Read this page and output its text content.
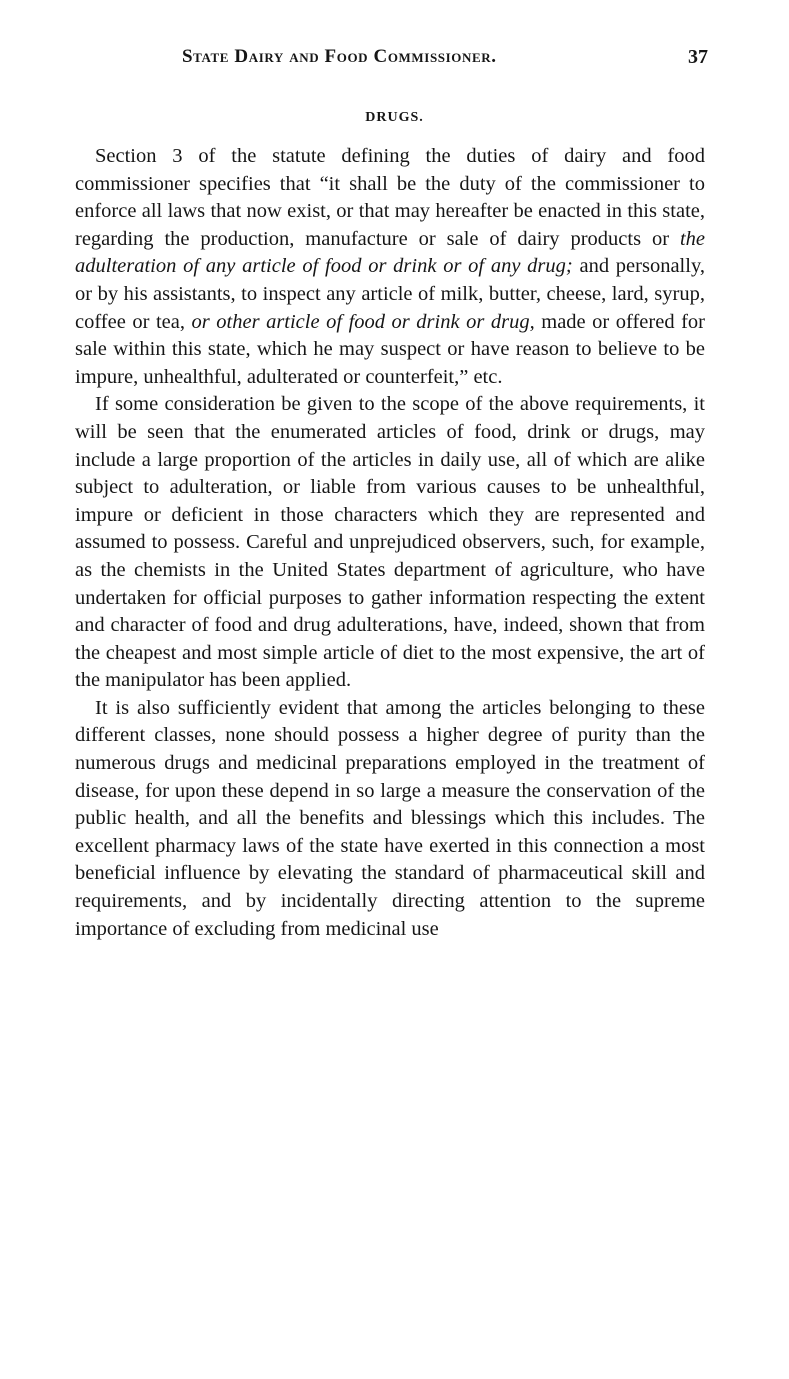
State Dairy and Food Commissioner.	37
DRUGS.

Section 3 of the statute defining the duties of dairy and food commissioner specifies that “it shall be the duty of the commissioner to enforce all laws that now exist, or that may hereafter be enacted in this state, regarding the production, manufacture or sale of dairy products or the adulteration of any article of food or drink or of any drug; and personally, or by his assistants, to inspect any article of milk, butter, cheese, lard, syrup, coffee or tea, or other article of food or drink or drug, made or offered for sale within this state, which he may suspect or have reason to believe to be impure, unhealthful, adulterated or counterfeit,” etc.

If some consideration be given to the scope of the above requirements, it will be seen that the enumerated articles of food, drink or drugs, may include a large proportion of the articles in daily use, all of which are alike subject to adulteration, or liable from various causes to be unhealthful, impure or deficient in those characters which they are represented and assumed to possess. Careful and unprejudiced observers, such, for example, as the chemists in the United States department of agriculture, who have undertaken for official purposes to gather information respecting the extent and character of food and drug adulterations, have, indeed, shown that from the cheapest and most simple article of diet to the most expensive, the art of the manipulator has been applied.

It is also sufficiently evident that among the articles belonging to these different classes, none should possess a higher degree of purity than the numerous drugs and medicinal preparations employed in the treatment of disease, for upon these depend in so large a measure the conservation of the public health, and all the benefits and blessings which this includes. The excellent pharmacy laws of the state have exerted in this connection a most beneficial influence by elevating the standard of pharmaceutical skill and requirements, and by incidentally directing attention to the supreme importance of excluding from medicinal use
